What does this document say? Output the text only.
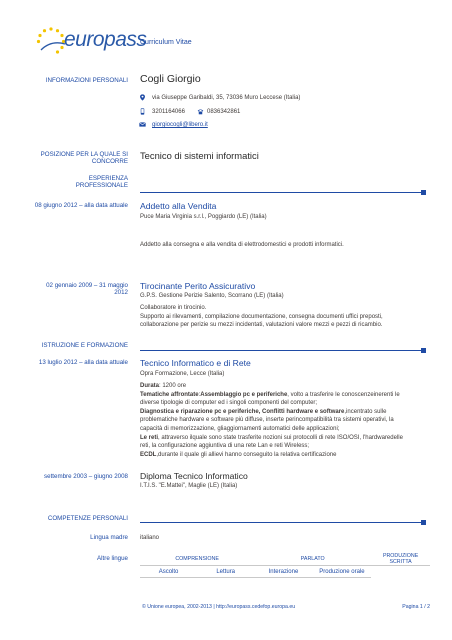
europass
Curriculum Vitae
INFORMAZIONI PERSONALI Cogli Giorgio
via Giuseppe Garibaldi, 35, 73036 Muro Leccese (Italia)
3201164066	0836342861
giorgiocogli@libero.it
POSIZIONE PER LA QUALE SI
CONCORRE
Tecnico di sistemi informatici
ESPERIENZA
PROFESSIONALE
08 giugno 2012 – alla data attuale Addetto alla Vendita
Puce Maria Virginia s.r.l., Poggiardo (LE) (Italia)
Addetto alla consegna e alla vendita di elettrodomestici e prodotti informatici.
02 gennaio 2009 – 31 maggio
2012
Tirocinante Perito Assicurativo
G.P.S. Gestione Perizie Salento, Scorrano (LE) (Italia)
Collaboratore in tirocinio.
Supporto ai rilevamenti, compilazione documentazione, consegna documenti uffici preposti,
collaborazione per perizie su mezzi incidentati, valutazioni valore mezzi e pezzi di ricambio.
ISTRUZIONE E FORMAZIONE
13 luglio 2012 – alla data attuale Tecnico Informatico e di Rete
Opra Formazione, Lecce (Italia)
Durata: 1200 ore
Tematiche affrontate:Assemblaggio pc e periferiche, volto a trasferire le conoscenzeinerenti le
diverse tipologie di computer ed i singoli componenti del computer;
Diagnostica e riparazione pc e periferiche, Conflitti hardware e software,incentrato sulle
problematiche hardware e software più diffuse, inserte perincompatibilità tra sistemi operativi, la
capacità di memorizzazione, gliaggiornamenti automatici delle applicazioni;
Le reti, attraverso ilquale sono state trasferite nozioni sui protocolli di rete ISO/OSI, l'hardwaredelle
reti, la configurazione aggiuntiva di una rete Lan e reti Wireless;
ECDL,durante il quale gli allievi hanno conseguito la relativa certificazione
settembre 2003 – giugno 2008 Diploma Tecnico Informatico
I.T.I.S. "E.Mattei", Maglie (LE) (Italia)
COMPETENZE PERSONALI
Lingua madre italiano
Altre lingue	COMPRENSIONE		PARLATO		PRODUZIONE SCRITTA
Ascolto	Lettura	Interazione	Produzione orale	
© Unione europea, 2002-2013 | http://europass.cedefop.europa.eu	Pagina 1 / 2
